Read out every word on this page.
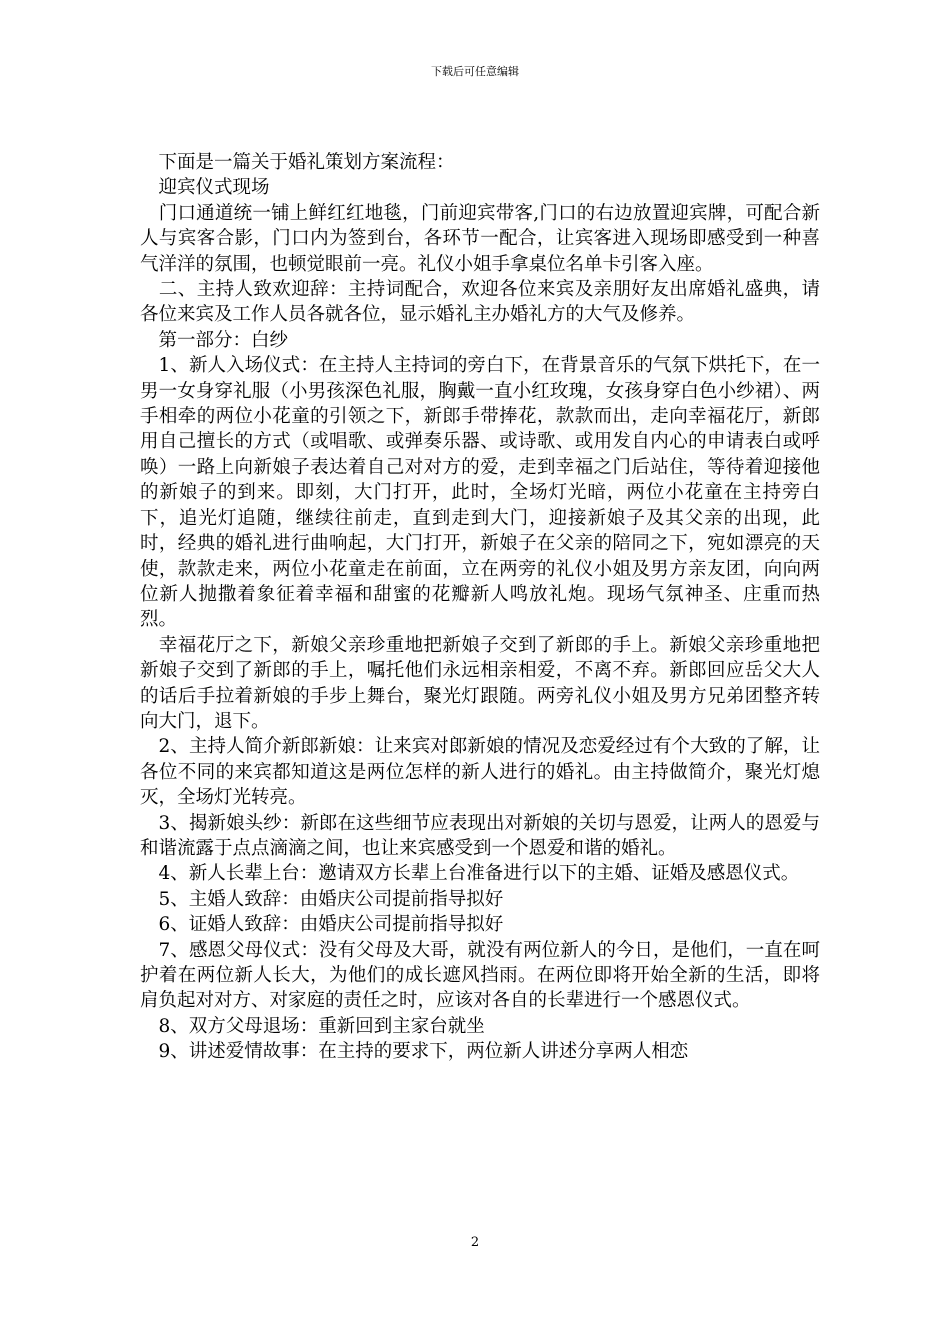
下载后可任意编辑

　下面是一篇关于婚礼策划方案流程：

　迎宾仪式现场

　门口通道统一铺上鲜红红地毯，门前迎宾带客,门口的右边放置迎宾牌，可配合新人与宾客合影，门口内为签到台，各环节一配合，让宾客进入现场即感受到一种喜气洋洋的氛围，也顿觉眼前一亮。礼仪小姐手拿桌位名单卡引客入座。

　二、主持人致欢迎辞：主持词配合，欢迎各位来宾及亲朋好友出席婚礼盛典，请各位来宾及工作人员各就各位，显示婚礼主办婚礼方的大气及修养。

　第一部分：白纱

　1、新人入场仪式：在主持人主持词的旁白下，在背景音乐的气氛下烘托下，在一男一女身穿礼服（小男孩深色礼服，胸戴一直小红玫瑰，女孩身穿白色小纱裙）、两手相牵的两位小花童的引领之下，新郎手带捧花，款款而出，走向幸福花厅，新郎用自己擅长的方式（或唱歌、或弹奏乐器、或诗歌、或用发自内心的申请表白或呼唤）一路上向新娘子表达着自己对对方的爱，走到幸福之门后站住，等待着迎接他的新娘子的到来。即刻，大门打开，此时，全场灯光暗，两位小花童在主持旁白下，追光灯追随，继续往前走，直到走到大门，迎接新娘子及其父亲的出现，此时，经典的婚礼进行曲响起，大门打开，新娘子在父亲的陪同之下，宛如漂亮的天使，款款走来，两位小花童走在前面，立在两旁的礼仪小姐及男方亲友团，向向两位新人抛撒着象征着幸福和甜蜜的花瓣新人鸣放礼炮。现场气氛神圣、庄重而热烈。

　幸福花厅之下，新娘父亲珍重地把新娘子交到了新郎的手上。新娘父亲珍重地把新娘子交到了新郎的手上，嘱托他们永远相亲相爱，不离不弃。新郎回应岳父大人的话后手拉着新娘的手步上舞台，聚光灯跟随。两旁礼仪小姐及男方兄弟团整齐转向大门，退下。

　2、主持人简介新郎新娘：让来宾对郎新娘的情况及恋爱经过有个大致的了解，让各位不同的来宾都知道这是两位怎样的新人进行的婚礼。由主持做简介，聚光灯熄灭，全场灯光转亮。

　3、揭新娘头纱：新郎在这些细节应表现出对新娘的关切与恩爱，让两人的恩爱与和谐流露于点点滴滴之间，也让来宾感受到一个恩爱和谐的婚礼。

　4、新人长辈上台：邀请双方长辈上台准备进行以下的主婚、证婚及感恩仪式。

　5、主婚人致辞：由婚庆公司提前指导拟好

　6、证婚人致辞：由婚庆公司提前指导拟好

　7、感恩父母仪式：没有父母及大哥，就没有两位新人的今日，是他们，一直在呵护着在两位新人长大，为他们的成长遮风挡雨。在两位即将开始全新的生活，即将肩负起对对方、对家庭的责任之时，应该对各自的长辈进行一个感恩仪式。

　8、双方父母退场：重新回到主家台就坐

　9、讲述爱情故事：在主持的要求下，两位新人讲述分享两人相恋

2
